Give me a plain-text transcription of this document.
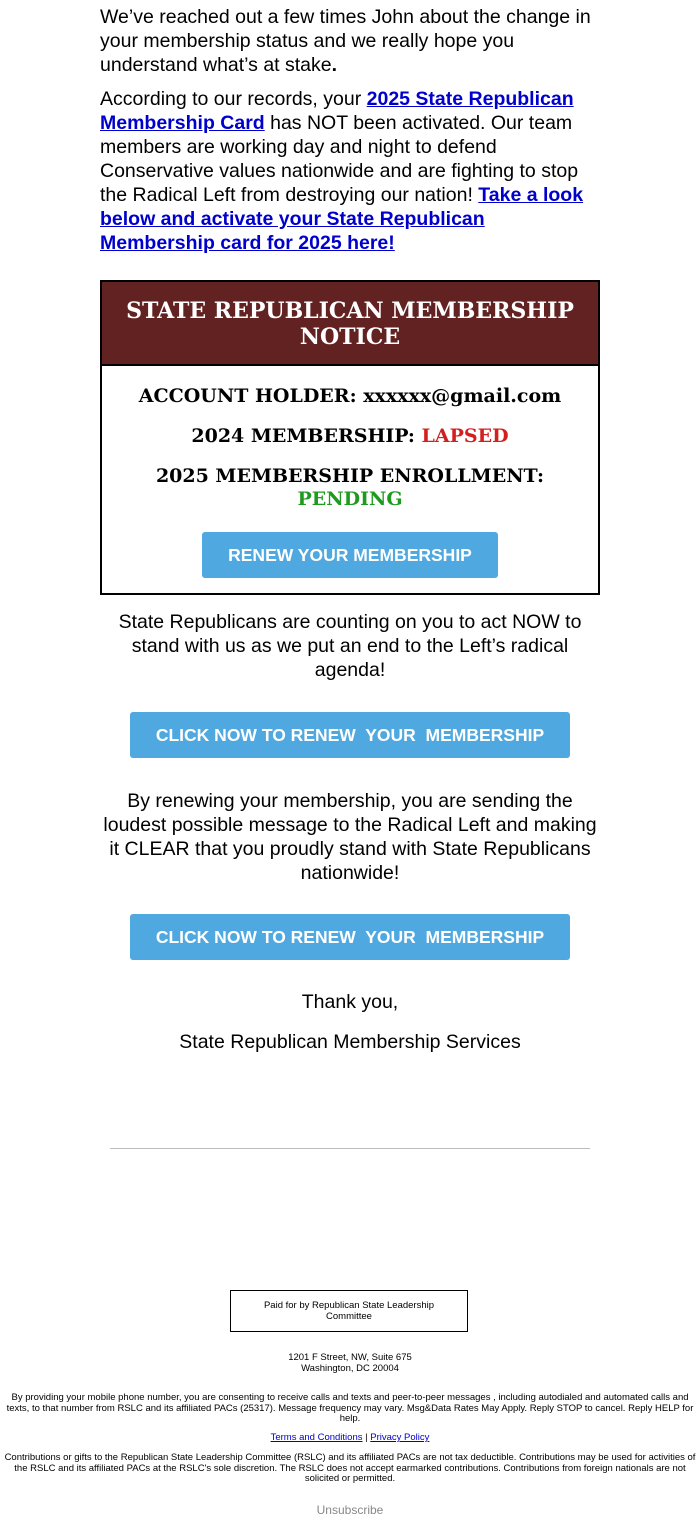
We’ve reached out a few times John about the change in your membership status and we really hope you understand what’s at stake.

According to our records, your 2025 State Republican Membership Card has NOT been activated. Our team members are working day and night to defend Conservative values nationwide and are fighting to stop the Radical Left from destroying our nation! Take a look below and activate your State Republican Membership card for 2025 here!

STATE REPUBLICAN MEMBERSHIP NOTICE
ACCOUNT HOLDER: xxxxxx@gmail.com
2024 MEMBERSHIP: LAPSED
2025 MEMBERSHIP ENROLLMENT:
PENDING
RENEW YOUR MEMBERSHIP
State Republicans are counting on you to act NOW to stand with us as we put an end to the Left’s radical agenda!
CLICK NOW TO RENEW  YOUR  MEMBERSHIP
By renewing your membership, you are sending the loudest possible message to the Radical Left and making it CLEAR that you proudly stand with State Republicans nationwide!
CLICK NOW TO RENEW  YOUR  MEMBERSHIP
Thank you,
State Republican Membership Services
Paid for by Republican State Leadership Committee
1201 F Street, NW, Suite 675
Washington, DC 20004
By providing your mobile phone number, you are consenting to receive calls and texts and peer-to-peer messages , including autodialed and automated calls and texts, to that number from RSLC and its affiliated PACs (25317). Message frequency may vary. Msg&Data Rates May Apply. Reply STOP to cancel. Reply HELP for help.
Terms and Conditions | Privacy Policy
Contributions or gifts to the Republican State Leadership Committee (RSLC) and its affiliated PACs are not tax deductible. Contributions may be used for activities of the RSLC and its affiliated PACs at the RSLC's sole discretion. The RSLC does not accept earmarked contributions. Contributions from foreign nationals are not solicited or permitted.
Unsubscribe
